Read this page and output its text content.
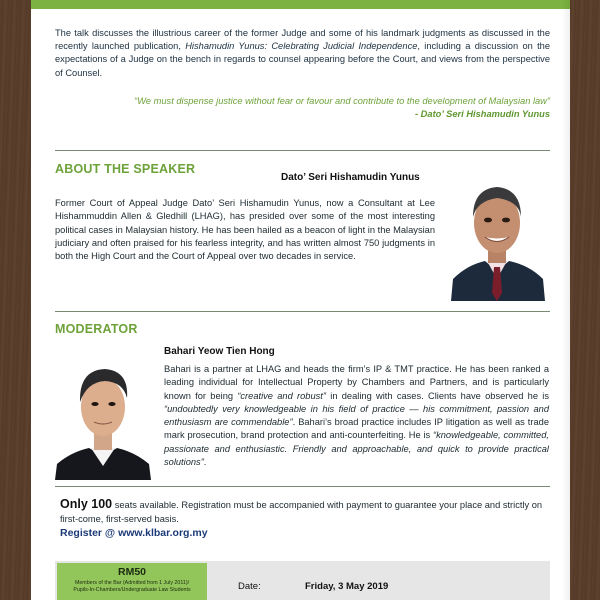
The talk discusses the illustrious career of the former Judge and some of his landmark judgments as discussed in the recently launched publication, Hishamudin Yunus: Celebrating Judicial Independence, including a discussion on the expectations of a Judge on the bench in regards to counsel appearing before the Court, and views from the perspective of Counsel.

“We must dispense justice without fear or favour and contribute to the development of Malaysian law”
- Dato’ Seri Hishamudin Yunus
ABOUT THE SPEAKER
Dato’ Seri Hishamudin Yunus

Former Court of Appeal Judge Dato’ Seri Hishamudin Yunus, now a Consultant at Lee Hishammuddin Allen & Gledhill (LHAG), has presided over some of the most interesting political cases in Malaysian history. He has been hailed as a beacon of light in the Malaysian judiciary and often praised for his fearless integrity, and has written almost 750 judgments in both the High Court and the Court of Appeal over two decades in service.

MODERATOR
Bahari Yeow Tien Hong

Bahari is a partner at LHAG and heads the firm’s IP & TMT practice. He has been ranked a leading individual for Intellectual Property by Chambers and Partners, and is particularly known for being “creative and robust” in dealing with cases. Clients have observed he is “undoubtedly very knowledgeable in his field of practice — his commitment, passion and enthusiasm are commendable”. Bahari’s broad practice includes IP litigation as well as trade mark prosecution, brand protection and anti-counterfeiting. He is “knowledgeable, committed, passionate and enthusiastic. Friendly and approachable, and quick to provide practical solutions”.

Only 100 seats available. Registration must be accompanied with payment to guarantee your place and strictly on first-come, first-served basis.
Register @ www.klbar.org.my
RM50
Members of the Bar (Admitted from 1 July 2011)/
Pupils-In-Chambers/Undergraduate Law Students	Date:	Friday, 3 May 2019
